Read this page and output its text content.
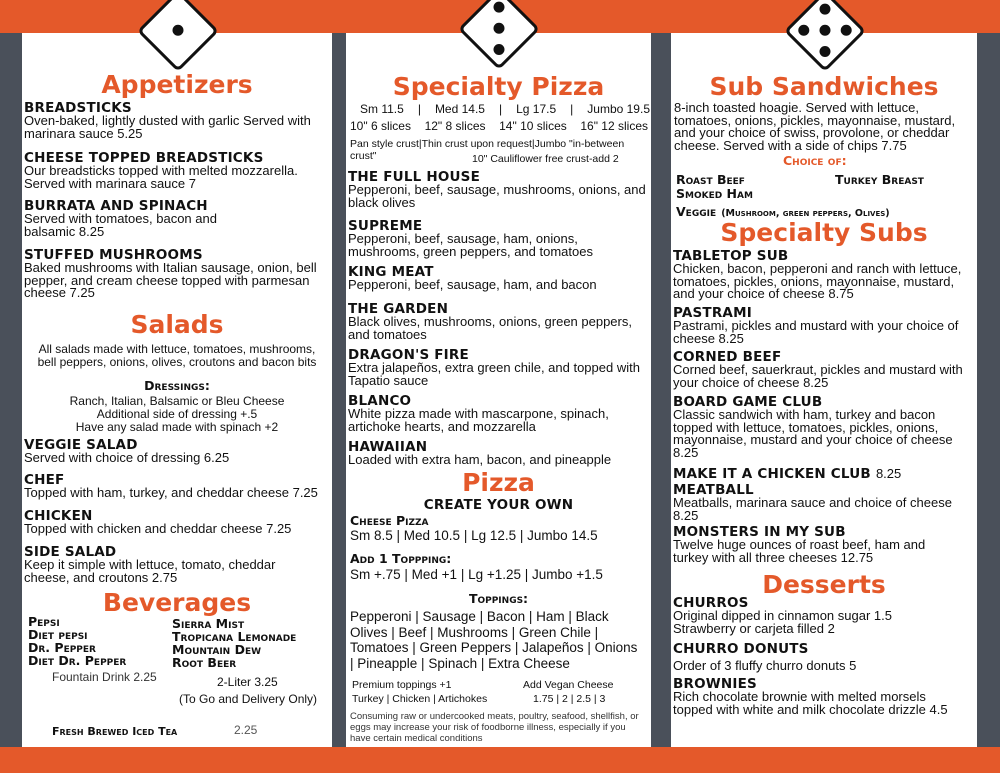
Appetizers
BREADSTICKS
Oven-baked, lightly dusted with garlic Served with marinara sauce 5.25
CHEESE TOPPED BREADSTICKS
Our breadsticks topped with melted mozzarella. Served with marinara sauce 7
BURRATA AND SPINACH
Served with tomatoes, bacon and balsamic 8.25
STUFFED MUSHROOMS
Baked mushrooms with Italian sausage, onion, bell pepper, and cream cheese topped with parmesan cheese 7.25
Salads
All salads made with lettuce, tomatoes, mushrooms, bell peppers, onions, olives, croutons and bacon bits
Dressings:
Ranch, Italian, Balsamic or Bleu Cheese
Additional side of dressing +.5
Have any salad made with spinach +2
VEGGIE SALAD
Served with choice of dressing 6.25
CHEF
Topped with ham, turkey, and cheddar cheese 7.25
CHICKEN
Topped with chicken and cheddar cheese 7.25
SIDE SALAD
Keep it simple with lettuce, tomato, cheddar cheese, and croutons 2.75
Beverages
Pepsi
Diet pepsi
Dr. Pepper
Diet Dr. Pepper
Sierra Mist
Tropicana Lemonade
Mountain Dew
Root Beer
Fountain Drink 2.25	2-Liter 3.25
(To Go and Delivery Only)
Fresh Brewed Iced Tea	2.25
Specialty Pizza
Sm 11.5 | Med 14.5 | Lg 17.5 | Jumbo 19.5
10" 6 slices 12" 8 slices 14" 10 slices 16" 12 slices
Pan style crust|Thin crust upon request|Jumbo "in-between crust"	10" Cauliflower free crust-add 2
THE FULL HOUSE
Pepperoni, beef, sausage, mushrooms, onions, and black olives
SUPREME
Pepperoni, beef, sausage, ham, onions, mushrooms, green peppers, and tomatoes
KING MEAT
Pepperoni, beef, sausage, ham, and bacon
THE GARDEN
Black olives, mushrooms, onions, green peppers, and tomatoes
DRAGON'S FIRE
Extra jalapeños, extra green chile, and topped with Tapatio sauce
BLANCO
White pizza made with mascarpone, spinach, artichoke hearts, and mozzarella
HAWAIIAN
Loaded with extra ham, bacon, and pineapple
Pizza
CREATE YOUR OWN
Cheese Pizza
Sm 8.5 | Med 10.5 | Lg 12.5 | Jumbo 14.5
Add 1 Toppping:
Sm +.75 | Med +1 | Lg +1.25 | Jumbo +1.5
Toppings:
Pepperoni | Sausage | Bacon | Ham | Black Olives | Beef | Mushrooms | Green Chile | Tomatoes | Green Peppers | Jalapeños | Onions | Pineapple | Spinach | Extra Cheese
Premium toppings +1
Turkey | Chicken | Artichokes
Add Vegan Cheese
1.75 | 2 | 2.5 | 3
Consuming raw or undercooked meats, poultry, seafood, shellfish, or eggs may increase your risk of foodborne illness, especially if you have certain medical conditions
Sub Sandwiches
8-inch toasted hoagie. Served with lettuce, tomatoes, onions, pickles, mayonnaise, mustard, and your choice of swiss, provolone, or cheddar cheese. Served with a side of chips 7.75
Choice of:
Roast Beef
Smoked Ham
Turkey Breast
Veggie (Mushroom, green peppers, Olives)
Specialty Subs
TABLETOP SUB
Chicken, bacon, pepperoni and ranch with lettuce, tomatoes, pickles, onions, mayonnaise, mustard, and your choice of cheese 8.75
PASTRAMI
Pastrami, pickles and mustard with your choice of cheese 8.25
CORNED BEEF
Corned beef, sauerkraut, pickles and mustard with your choice of cheese 8.25
BOARD GAME CLUB
Classic sandwich with ham, turkey and bacon topped with lettuce, tomatoes, pickles, onions, mayonnaise, mustard and your choice of cheese 8.25
MAKE IT A CHICKEN CLUB 8.25
MEATBALL
Meatballs, marinara sauce and choice of cheese 8.25
MONSTERS IN MY SUB
Twelve huge ounces of roast beef, ham and turkey with all three cheeses 12.75
Desserts
CHURROS
Original dipped in cinnamon sugar 1.5 Strawberry or carjeta filled 2
CHURRO DONUTS
Order of 3 fluffy churro donuts 5
BROWNIES
Rich chocolate brownie with melted morsels topped with white and milk chocolate drizzle 4.5
